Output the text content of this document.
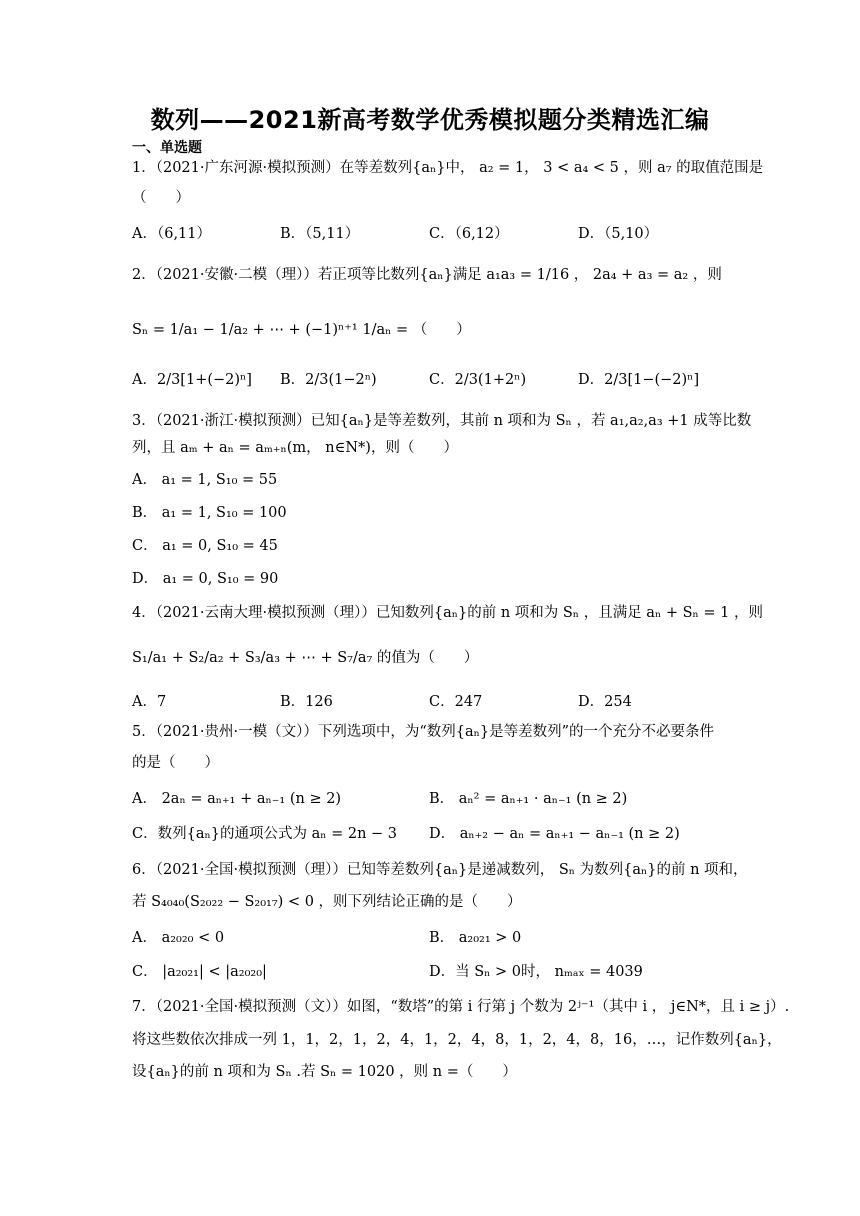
数列——2021新高考数学优秀模拟题分类精选汇编
一、单选题
1．（2021·广东河源·模拟预测）在等差数列{aₙ}中， a₂ = 1， 3 < a₄ < 5 ，则 a₇ 的取值范围是
（　　）
A．（6,11）	B．（5,11）	C．（6,12）	D．（5,10）
2．（2021·安徽·二模（理））若正项等比数列{aₙ}满足 a₁a₃ = 1/16 ， 2a₄ + a₃ = a₂ ，则
Sₙ = 1/a₁ − 1/a₂ + ⋯ + (−1)ⁿ⁺¹ 1/aₙ = （　　）
A．2/3[1+(−2)ⁿ] B．2/3(1−2ⁿ)	C．2/3(1+2ⁿ)	D．2/3[1−(−2)ⁿ]
3．（2021·浙江·模拟预测）已知{aₙ}是等差数列，其前 n 项和为 Sₙ ，若 a₁,a₂,a₃ +1 成等比数
列，且 aₘ + aₙ = aₘ₊ₙ(m， n∈N*)，则（　　）
A． a₁ = 1, S₁₀ = 55
B． a₁ = 1, S₁₀ = 100
C． a₁ = 0, S₁₀ = 45
D． a₁ = 0, S₁₀ = 90
4．（2021·云南大理·模拟预测（理））已知数列{aₙ}的前 n 项和为 Sₙ ，且满足 aₙ + Sₙ = 1 ，则
S₁/a₁ + S₂/a₂ + S₃/a₃ + ⋯ + S₇/a₇ 的值为（　　）
A．7	B．126	C．247	D．254
5．（2021·贵州·一模（文））下列选项中，为“数列{aₙ}是等差数列”的一个充分不必要条件
的是（　　）
A． 2aₙ = aₙ₊₁ + aₙ₋₁ (n ≥ 2)	B． aₙ² = aₙ₊₁ · aₙ₋₁ (n ≥ 2)
C．数列{aₙ}的通项公式为 aₙ = 2n − 3 D． aₙ₊₂ − aₙ = aₙ₊₁ − aₙ₋₁ (n ≥ 2)
6．（2021·全国·模拟预测（理））已知等差数列{aₙ}是递减数列， Sₙ 为数列{aₙ}的前 n 项和，
若 S₄₀₄₀(S₂₀₂₂ − S₂₀₁₇) < 0 ，则下列结论正确的是（　　）
A． a₂₀₂₀ < 0	B． a₂₀₂₁ > 0
C． |a₂₀₂₁| < |a₂₀₂₀|	D．当 Sₙ > 0时， nₘₐₓ = 4039
7．（2021·全国·模拟预测（文））如图，“数塔”的第 i 行第 j 个数为 2ʲ⁻¹（其中 i ， j∈N*，且 i ≥ j）.
将这些数依次排成一列 1，1，2，1，2，4，1，2，4，8，1，2，4，8，16，…，记作数列{aₙ}，
设{aₙ}的前 n 项和为 Sₙ .若 Sₙ = 1020 ，则 n =（　　）
